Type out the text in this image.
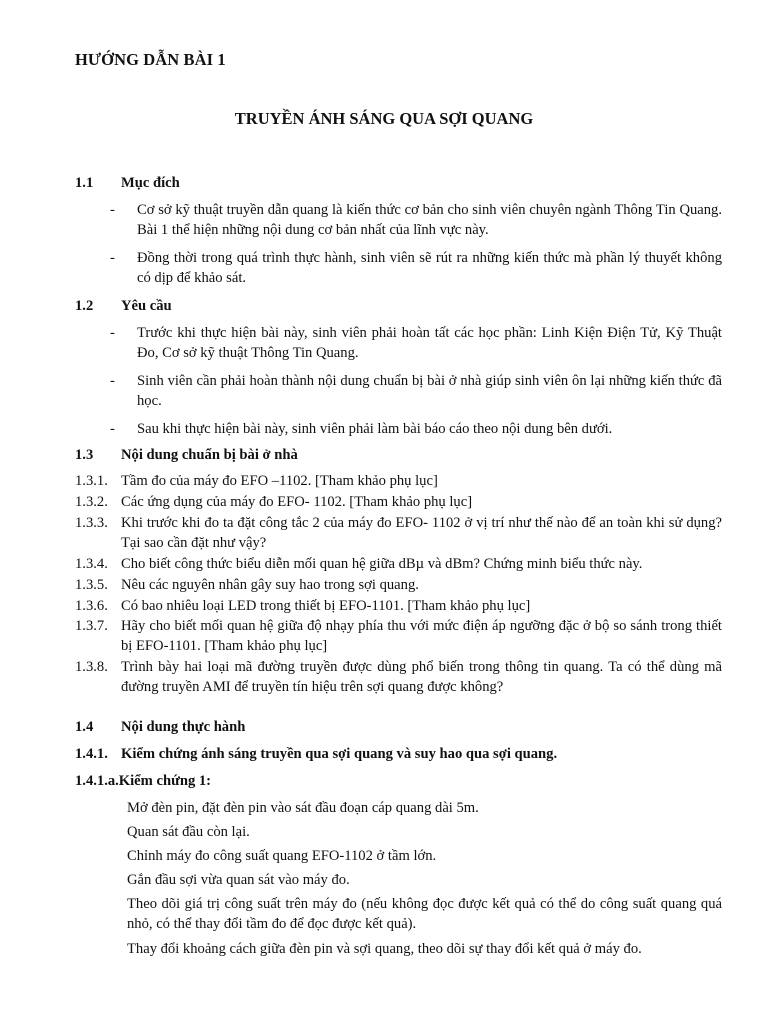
HƯỚNG DẪN BÀI 1
TRUYỀN ÁNH SÁNG QUA SỢI QUANG
1.1 Mục đích
- Cơ sở kỹ thuật truyền dẫn quang là kiến thức cơ bản cho sinh viên chuyên ngành Thông Tin Quang. Bài 1 thể hiện những nội dung cơ bản nhất của lĩnh vực này.
- Đồng thời trong quá trình thực hành, sinh viên sẽ rút ra những kiến thức mà phần lý thuyết không có dịp để khảo sát.
1.2 Yêu cầu
- Trước khi thực hiện bài này, sinh viên phải hoàn tất các học phần: Linh Kiện Điện Tử, Kỹ Thuật Đo, Cơ sở kỹ thuật Thông Tin Quang.
- Sinh viên cần phải hoàn thành nội dung chuẩn bị bài ở nhà giúp sinh viên ôn lại những kiến thức đã học.
- Sau khi thực hiện bài này, sinh viên phải làm bài báo cáo theo nội dung bên dưới.
1.3 Nội dung chuẩn bị bài ở nhà
1.3.1. Tầm đo của máy đo EFO –1102. [Tham khảo phụ lục]
1.3.2. Các ứng dụng của máy đo EFO- 1102. [Tham khảo phụ lục]
1.3.3. Khi trước khi đo ta đặt công tắc 2 của máy đo EFO- 1102 ở vị trí như thế nào để an toàn khi sử dụng? Tại sao cần đặt như vậy?
1.3.4. Cho biết công thức biểu diễn mối quan hệ giữa dBµ và dBm? Chứng minh biểu thức này.
1.3.5. Nêu các nguyên nhân gây suy hao trong sợi quang.
1.3.6. Có bao nhiêu loại LED trong thiết bị EFO-1101. [Tham khảo phụ lục]
1.3.7. Hãy cho biết mối quan hệ giữa độ nhạy phía thu với mức điện áp ngưỡng đặc ở bộ so sánh trong thiết bị EFO-1101. [Tham khảo phụ lục]
1.3.8. Trình bày hai loại mã đường truyền được dùng phổ biến trong thông tin quang. Ta có thể dùng mã đường truyền AMI để truyền tín hiệu trên sợi quang được không?
1.4 Nội dung thực hành
1.4.1. Kiểm chứng ánh sáng truyền qua sợi quang và suy hao qua sợi quang.
1.4.1.a.Kiểm chứng 1:
Mở đèn pin, đặt đèn pin vào sát đầu đoạn cáp quang dài 5m.
Quan sát đầu còn lại.
Chỉnh máy đo công suất quang EFO-1102 ở tầm lớn.
Gắn đầu sợi vừa quan sát vào máy đo.
Theo dõi giá trị công suất trên máy đo (nếu không đọc được kết quả có thể do công suất quang quá nhỏ, có thể thay đổi tầm đo để đọc được kết quả).
Thay đổi khoảng cách giữa đèn pin và sợi quang, theo dõi sự thay đổi kết quả ở máy đo.
